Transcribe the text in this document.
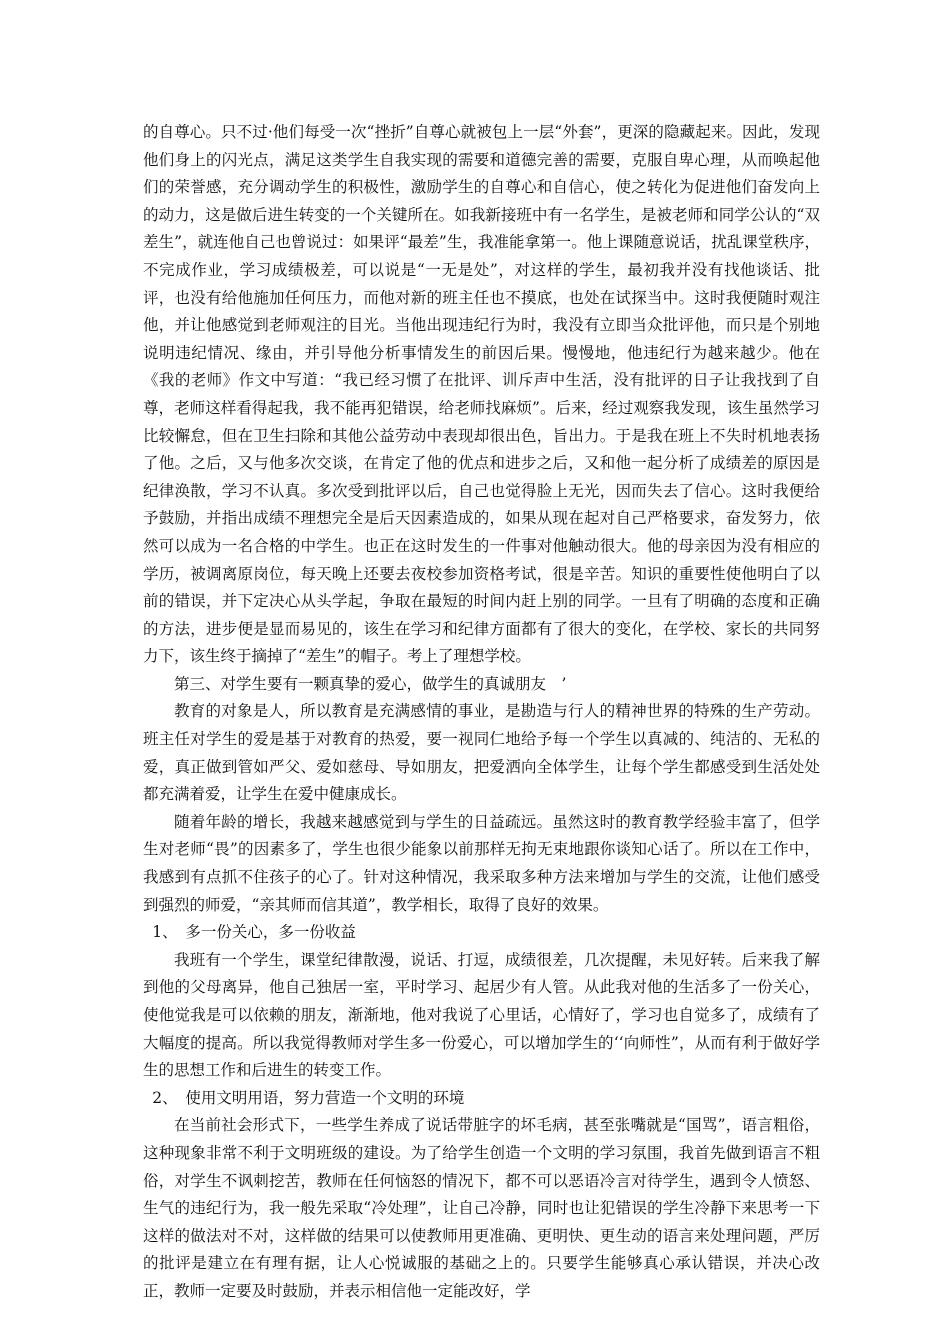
的自尊心。只不过·他们每受一次“挫折”自尊心就被包上一层“外套”，更深的隐藏起来。因此，发现他们身上的闪光点，满足这类学生自我实现的需要和道德完善的需要，克服自卑心理，从而唤起他们的荣誉感，充分调动学生的积极性，激励学生的自尊心和自信心，使之转化为促进他们奋发向上的动力，这是做后进生转变的一个关键所在。如我新接班中有一名学生，是被老师和同学公认的“双差生”，就连他自己也曾说过：如果评“最差”生，我准能拿第一。他上课随意说话，扰乱课堂秩序，不完成作业，学习成绩极差，可以说是“一无是处”，对这样的学生，最初我并没有找他谈话、批评，也没有给他施加任何压力，而他对新的班主任也不摸底，也处在试探当中。这时我便随时观注他，并让他感觉到老师观注的目光。当他出现违纪行为时，我没有立即当众批评他，而只是个别地说明违纪情况、缘由，并引导他分析事情发生的前因后果。慢慢地，他违纪行为越来越少。他在《我的老师》作文中写道：“我已经习惯了在批评、训斥声中生活，没有批评的日子让我找到了自尊，老师这样看得起我，我不能再犯错误，给老师找麻烦”。后来，经过观察我发现，该生虽然学习比较懈怠，但在卫生扫除和其他公益劳动中表现却很出色，旨出力。于是我在班上不失时机地表扬了他。之后，又与他多次交谈，在肯定了他的优点和进步之后，又和他一起分析了成绩差的原因是纪律涣散，学习不认真。多次受到批评以后，自己也觉得脸上无光，因而失去了信心。这时我便给予鼓励，并指出成绩不理想完全是后天因素造成的，如果从现在起对自己严格要求，奋发努力，依然可以成为一名合格的中学生。也正在这时发生的一件事对他触动很大。他的母亲因为没有相应的学历，被调离原岗位，每天晚上还要去夜校参加资格考试，很是辛苦。知识的重要性使他明白了以前的错误，并下定决心从头学起，争取在最短的时间内赶上别的同学。一旦有了明确的态度和正确的方法，进步便是显而易见的，该生在学习和纪律方面都有了很大的变化，在学校、家长的共同努力下，该生终于摘掉了“差生”的帽子。考上了理想学校。

第三、对学生要有一颗真挚的爱心，做学生的真诚朋友　’

教育的对象是人，所以教育是充满感情的事业，是勘造与行人的精神世界的特殊的生产劳动。班主任对学生的爱是基于对教育的热爱，要一视同仁地给予每一个学生以真减的、纯洁的、无私的爱，真正做到管如严父、爱如慈母、导如朋友，把爱洒向全体学生，让每个学生都感受到生活处处都充满着爱，让学生在爱中健康成长。

随着年龄的增长，我越来越感觉到与学生的日益疏远。虽然这时的教育教学经验丰富了，但学生对老师“畏”的因素多了，学生也很少能象以前那样无拘无束地跟你谈知心话了。所以在工作中，我感到有点抓不住孩子的心了。针对这种情况，我采取多种方法来增加与学生的交流，让他们感受到强烈的师爱，“亲其师而信其道”，教学相长，取得了良好的效果。

1、　多一份关心，多一份收益

我班有一个学生，课堂纪律散漫，说话、打逗，成绩很差，几次提醒，未见好转。后来我了解到他的父母离异，他自己独居一室，平时学习、起居少有人管。从此我对他的生活多了一份关心，使他觉我是可以依赖的朋友，渐渐地，他对我说了心里话，心情好了，学习也自觉多了，成绩有了大幅度的提高。所以我觉得教师对学生多一份爱心，可以增加学生的‘‘向师性”，从而有利于做好学生的思想工作和后进生的转变工作。

2、　使用文明用语，努力营造一个文明的环境

在当前社会形式下，一些学生养成了说话带脏字的坏毛病，甚至张嘴就是“国骂”，语言粗俗，这种现象非常不利于文明班级的建设。为了给学生创造一个文明的学习氛围，我首先做到语言不粗俗，对学生不讽刺挖苦，教师在任何恼怒的情况下，都不可以恶语冷言对待学生，遇到令人愤怒、生气的违纪行为，我一般先采取“冷处理”，让自己冷静，同时也让犯错误的学生冷静下来思考一下这样的做法对不对，这样做的结果可以使教师用更准确、更明快、更生动的语言来处理问题，严厉的批评是建立在有理有据，让人心悦诚服的基础之上的。只要学生能够真心承认错误，并决心改正，教师一定要及时鼓励，并表示相信他一定能改好，学
